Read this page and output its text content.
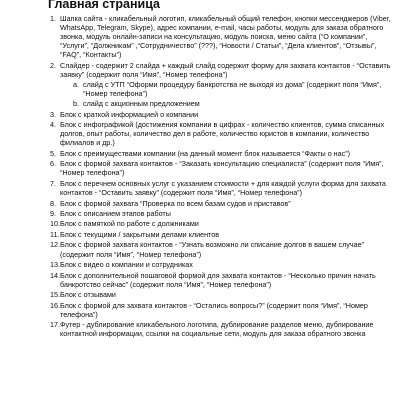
Главная страница
1. Шапка сайта - кликабельный логотип, кликабельный общий телефон, кнопки мессенджеров (Viber, WhatsApp, Telegram, Skype), адрес компании, e-mail, часы работы, модуль для заказа обратного звонка, модуль онлайн-записи на консультацию, модуль поиска, меню сайта (“О компании”, “Услуги”, “Должникам” ,“Сотрудничество” (???), “Новости / Статьи”, “Дела клиентов”, “Отзывы”, “FAQ”, “Контакты”)
2. Слайдер - содержит 2 слайда + каждый слайд содержит форму для захвата контактов - “Оставить заявку” (содержит поля “Имя”, “Номер телефона”)
a. слайд с УТП “Оформи процедуру банкротства не выходя из дома” (содержит поля “Имя”, “Номер телефона”)
b. слайд с акционным предложением
3. Блок с краткой информацией о компании
4. Блок с инфографикой (достижения компании в цифрах - количество клиентов, сумма списанных долгов, опыт работы, количество дел в работе, количество юристов в компании, количество филиалов и др.)
5. Блок с преимуществами компании (на данный момент блок называется “Факты о нас”)
6. Блок с формой захвата контактов - “Заказать консультацию специалиста” (содержит поля “Имя”, “Номер телефона”)
7. Блок с перечнем основных услуг с указанием стоимости + для каждой услуги форма для захвата контактов - “Оставить заявку” (содержит поля “Имя”, “Номер телефона”)
8. Блок с формой захвата “Проверка по всем базам судов и приставов”
9. Блок с описанием этапов работы
10. Блок с памяткой по работе с должниками
11. Блок с текущими / закрытыми делами клиентов
12. Блок с формой захвата контактов - “Узнать возможно ли списание долгов в вашем случае” (содержит поля “Имя”, “Номер телефона”)
13. Блок с видео о компании и сотрудниках
14. Блок с дополнительной пошаговой формой для захвата контактов - “Несколько причин начать банкротство сейчас” (содержит поля “Имя”, “Номер телефона”)
15. Блок с отзывами
16. Блок с формой для захвата контактов - “Остались вопросы?” (содержит поля “Имя”, “Номер телефона”)
17. Футер - дублирование кликабельного логотипа, дублирование разделов меню, дублирование контактной информации, ссылки на социальные сети, модуль для заказа обратного звонка
